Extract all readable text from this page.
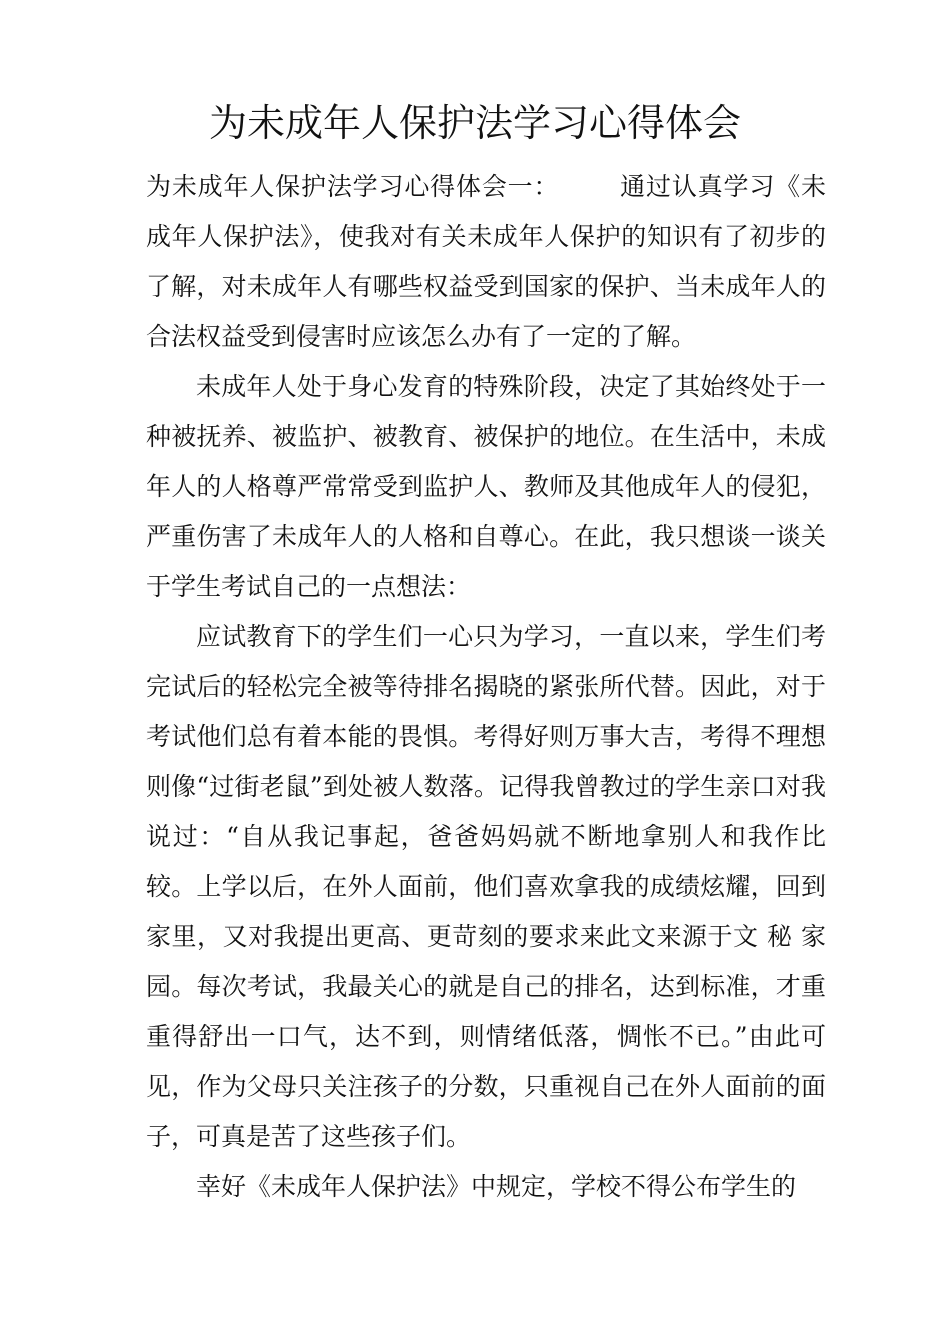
为未成年人保护法学习心得体会

为未成年人保护法学习心得体会一： 通过认真学习《未成年人保护法》，使我对有关未成年人保护的知识有了初步的了解，对未成年人有哪些权益受到国家的保护、当未成年人的合法权益受到侵害时应该怎么办有了一定的了解。

未成年人处于身心发育的特殊阶段，决定了其始终处于一种被抚养、被监护、被教育、被保护的地位。在生活中，未成年人的人格尊严常常受到监护人、教师及其他成年人的侵犯，严重伤害了未成年人的人格和自尊心。在此，我只想谈一谈关于学生考试自己的一点想法：

应试教育下的学生们一心只为学习，一直以来，学生们考完试后的轻松完全被等待排名揭晓的紧张所代替。因此，对于考试他们总有着本能的畏惧。考得好则万事大吉，考得不理想则像“过街老鼠”到处被人数落。记得我曾教过的学生亲口对我说过：“自从我记事起，爸爸妈妈就不断地拿别人和我作比较。上学以后，在外人面前，他们喜欢拿我的成绩炫耀，回到家里，又对我提出更高、更苛刻的要求来此文来源于文 秘 家园。每次考试，我最关心的就是自己的排名，达到标准，才重重得舒出一口气，达不到，则情绪低落，惆怅不已。”由此可见，作为父母只关注孩子的分数，只重视自己在外人面前的面子，可真是苦了这些孩子们。

幸好《未成年人保护法》中规定，学校不得公布学生的
